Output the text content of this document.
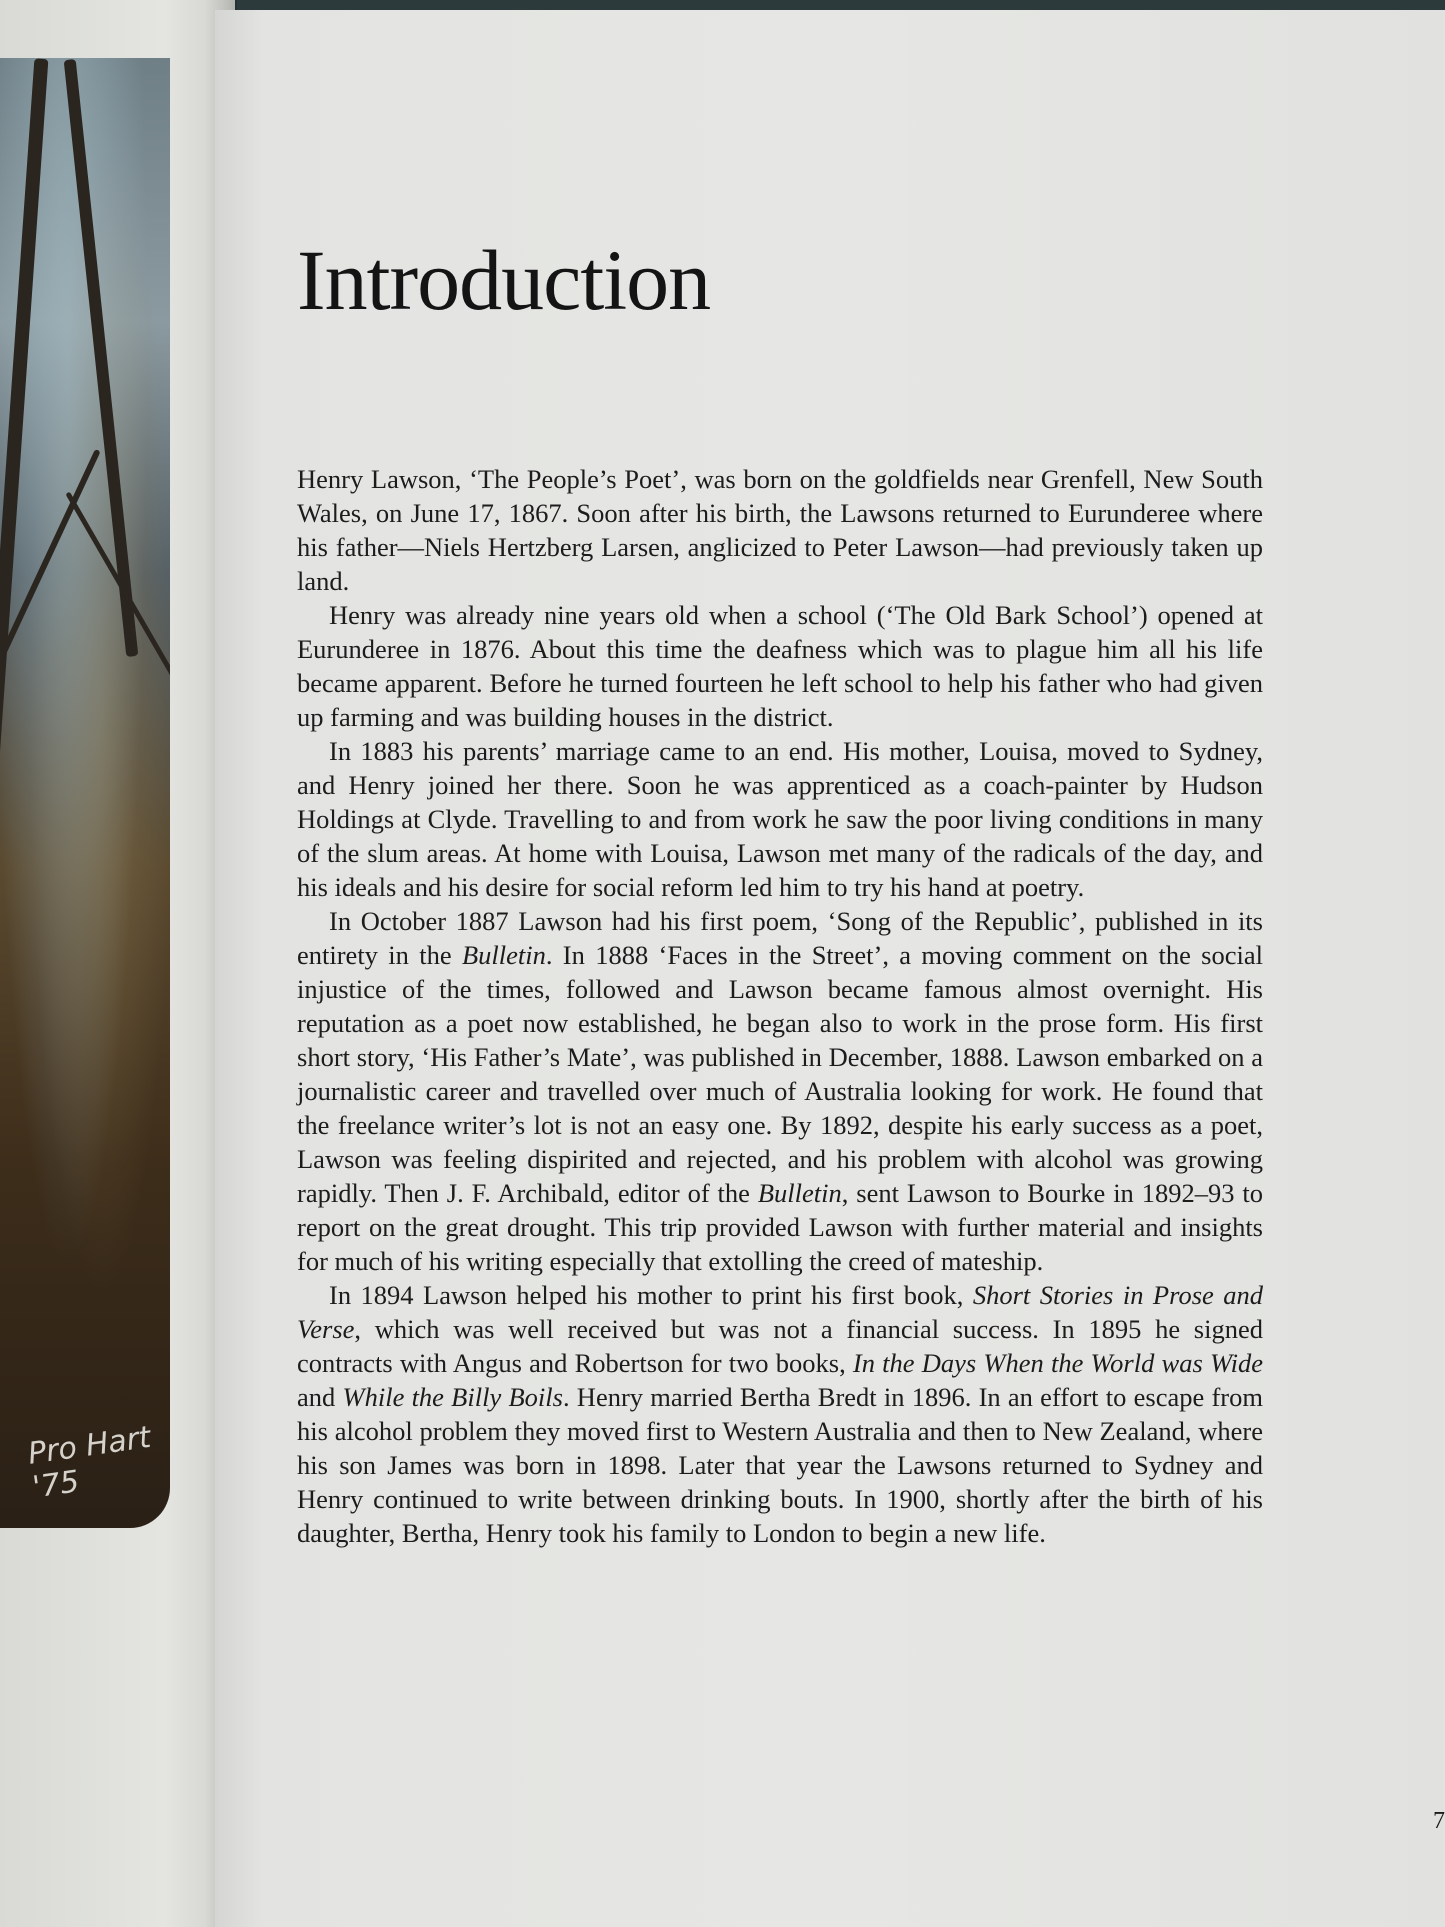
Pro Hart '75
Introduction

Henry Lawson, ‘The People’s Poet’, was born on the goldfields near Grenfell, New South Wales, on June 17, 1867. Soon after his birth, the Lawsons returned to Eurunderee where his father—Niels Hertzberg Larsen, anglicized to Peter Lawson—had previously taken up land.

Henry was already nine years old when a school (‘The Old Bark School’) opened at Eurunderee in 1876. About this time the deafness which was to plague him all his life became apparent. Before he turned fourteen he left school to help his father who had given up farming and was building houses in the district.

In 1883 his parents’ marriage came to an end. His mother, Louisa, moved to Sydney, and Henry joined her there. Soon he was apprenticed as a coach-painter by Hudson Holdings at Clyde. Travelling to and from work he saw the poor living conditions in many of the slum areas. At home with Louisa, Lawson met many of the radicals of the day, and his ideals and his desire for social reform led him to try his hand at poetry.

In October 1887 Lawson had his first poem, ‘Song of the Republic’, published in its entirety in the Bulletin. In 1888 ‘Faces in the Street’, a moving comment on the social injustice of the times, followed and Lawson became famous almost overnight. His reputation as a poet now established, he began also to work in the prose form. His first short story, ‘His Father’s Mate’, was published in December, 1888. Lawson embarked on a journalistic career and travelled over much of Australia looking for work. He found that the freelance writer’s lot is not an easy one. By 1892, despite his early success as a poet, Lawson was feeling dispirited and rejected, and his problem with alcohol was growing rapidly. Then J. F. Archibald, editor of the Bulletin, sent Lawson to Bourke in 1892–93 to report on the great drought. This trip provided Lawson with further material and insights for much of his writing especially that extolling the creed of mateship.

In 1894 Lawson helped his mother to print his first book, Short Stories in Prose and Verse, which was well received but was not a financial success. In 1895 he signed contracts with Angus and Robertson for two books, In the Days When the World was Wide and While the Billy Boils. Henry married Bertha Bredt in 1896. In an effort to escape from his alcohol problem they moved first to Western Australia and then to New Zealand, where his son James was born in 1898. Later that year the Lawsons returned to Sydney and Henry continued to write between drinking bouts. In 1900, shortly after the birth of his daughter, Bertha, Henry took his family to London to begin a new life.

7
